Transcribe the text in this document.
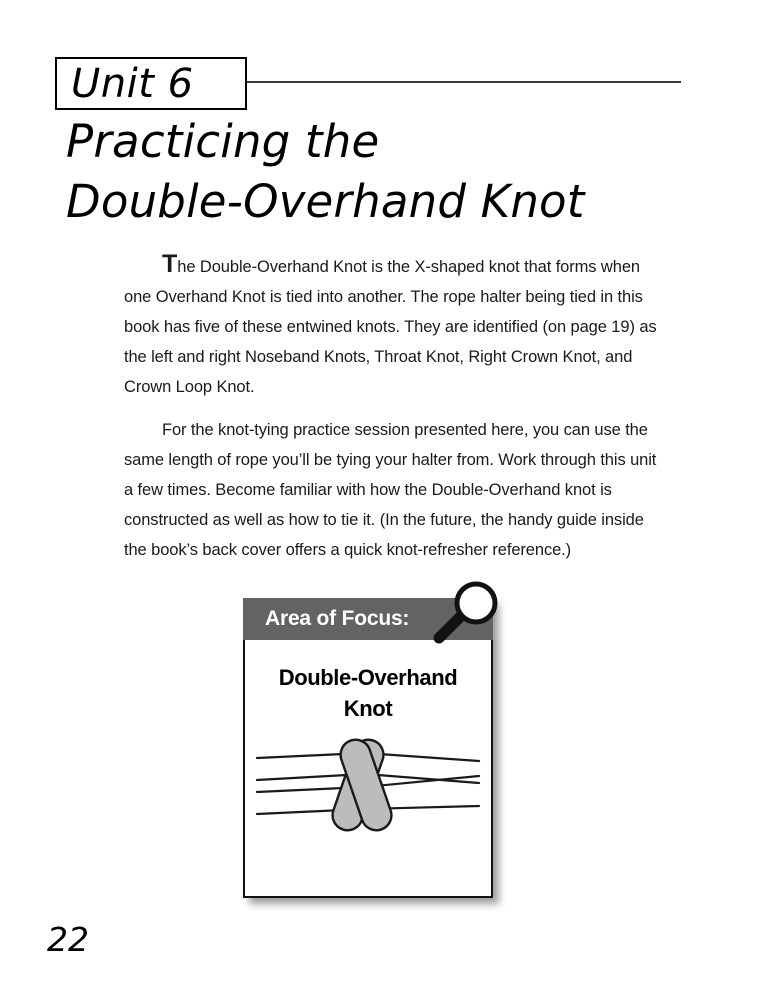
Unit 6
Practicing the
Double-Overhand Knot

The Double-Overhand Knot is the X-shaped knot that forms when one Overhand Knot is tied into another. The rope halter being tied in this book has five of these entwined knots. They are identified (on page 19) as the left and right Noseband Knots, Throat Knot, Right Crown Knot, and Crown Loop Knot.

For the knot-tying practice session presented here, you can use the same length of rope you’ll be tying your halter from. Work through this unit a few times. Become familiar with how the Double-Overhand knot is constructed as well as how to tie it. (In the future, the handy guide inside the book’s back cover offers a quick knot-refresher reference.)

Area of Focus:

Double-Overhand
Knot

22
